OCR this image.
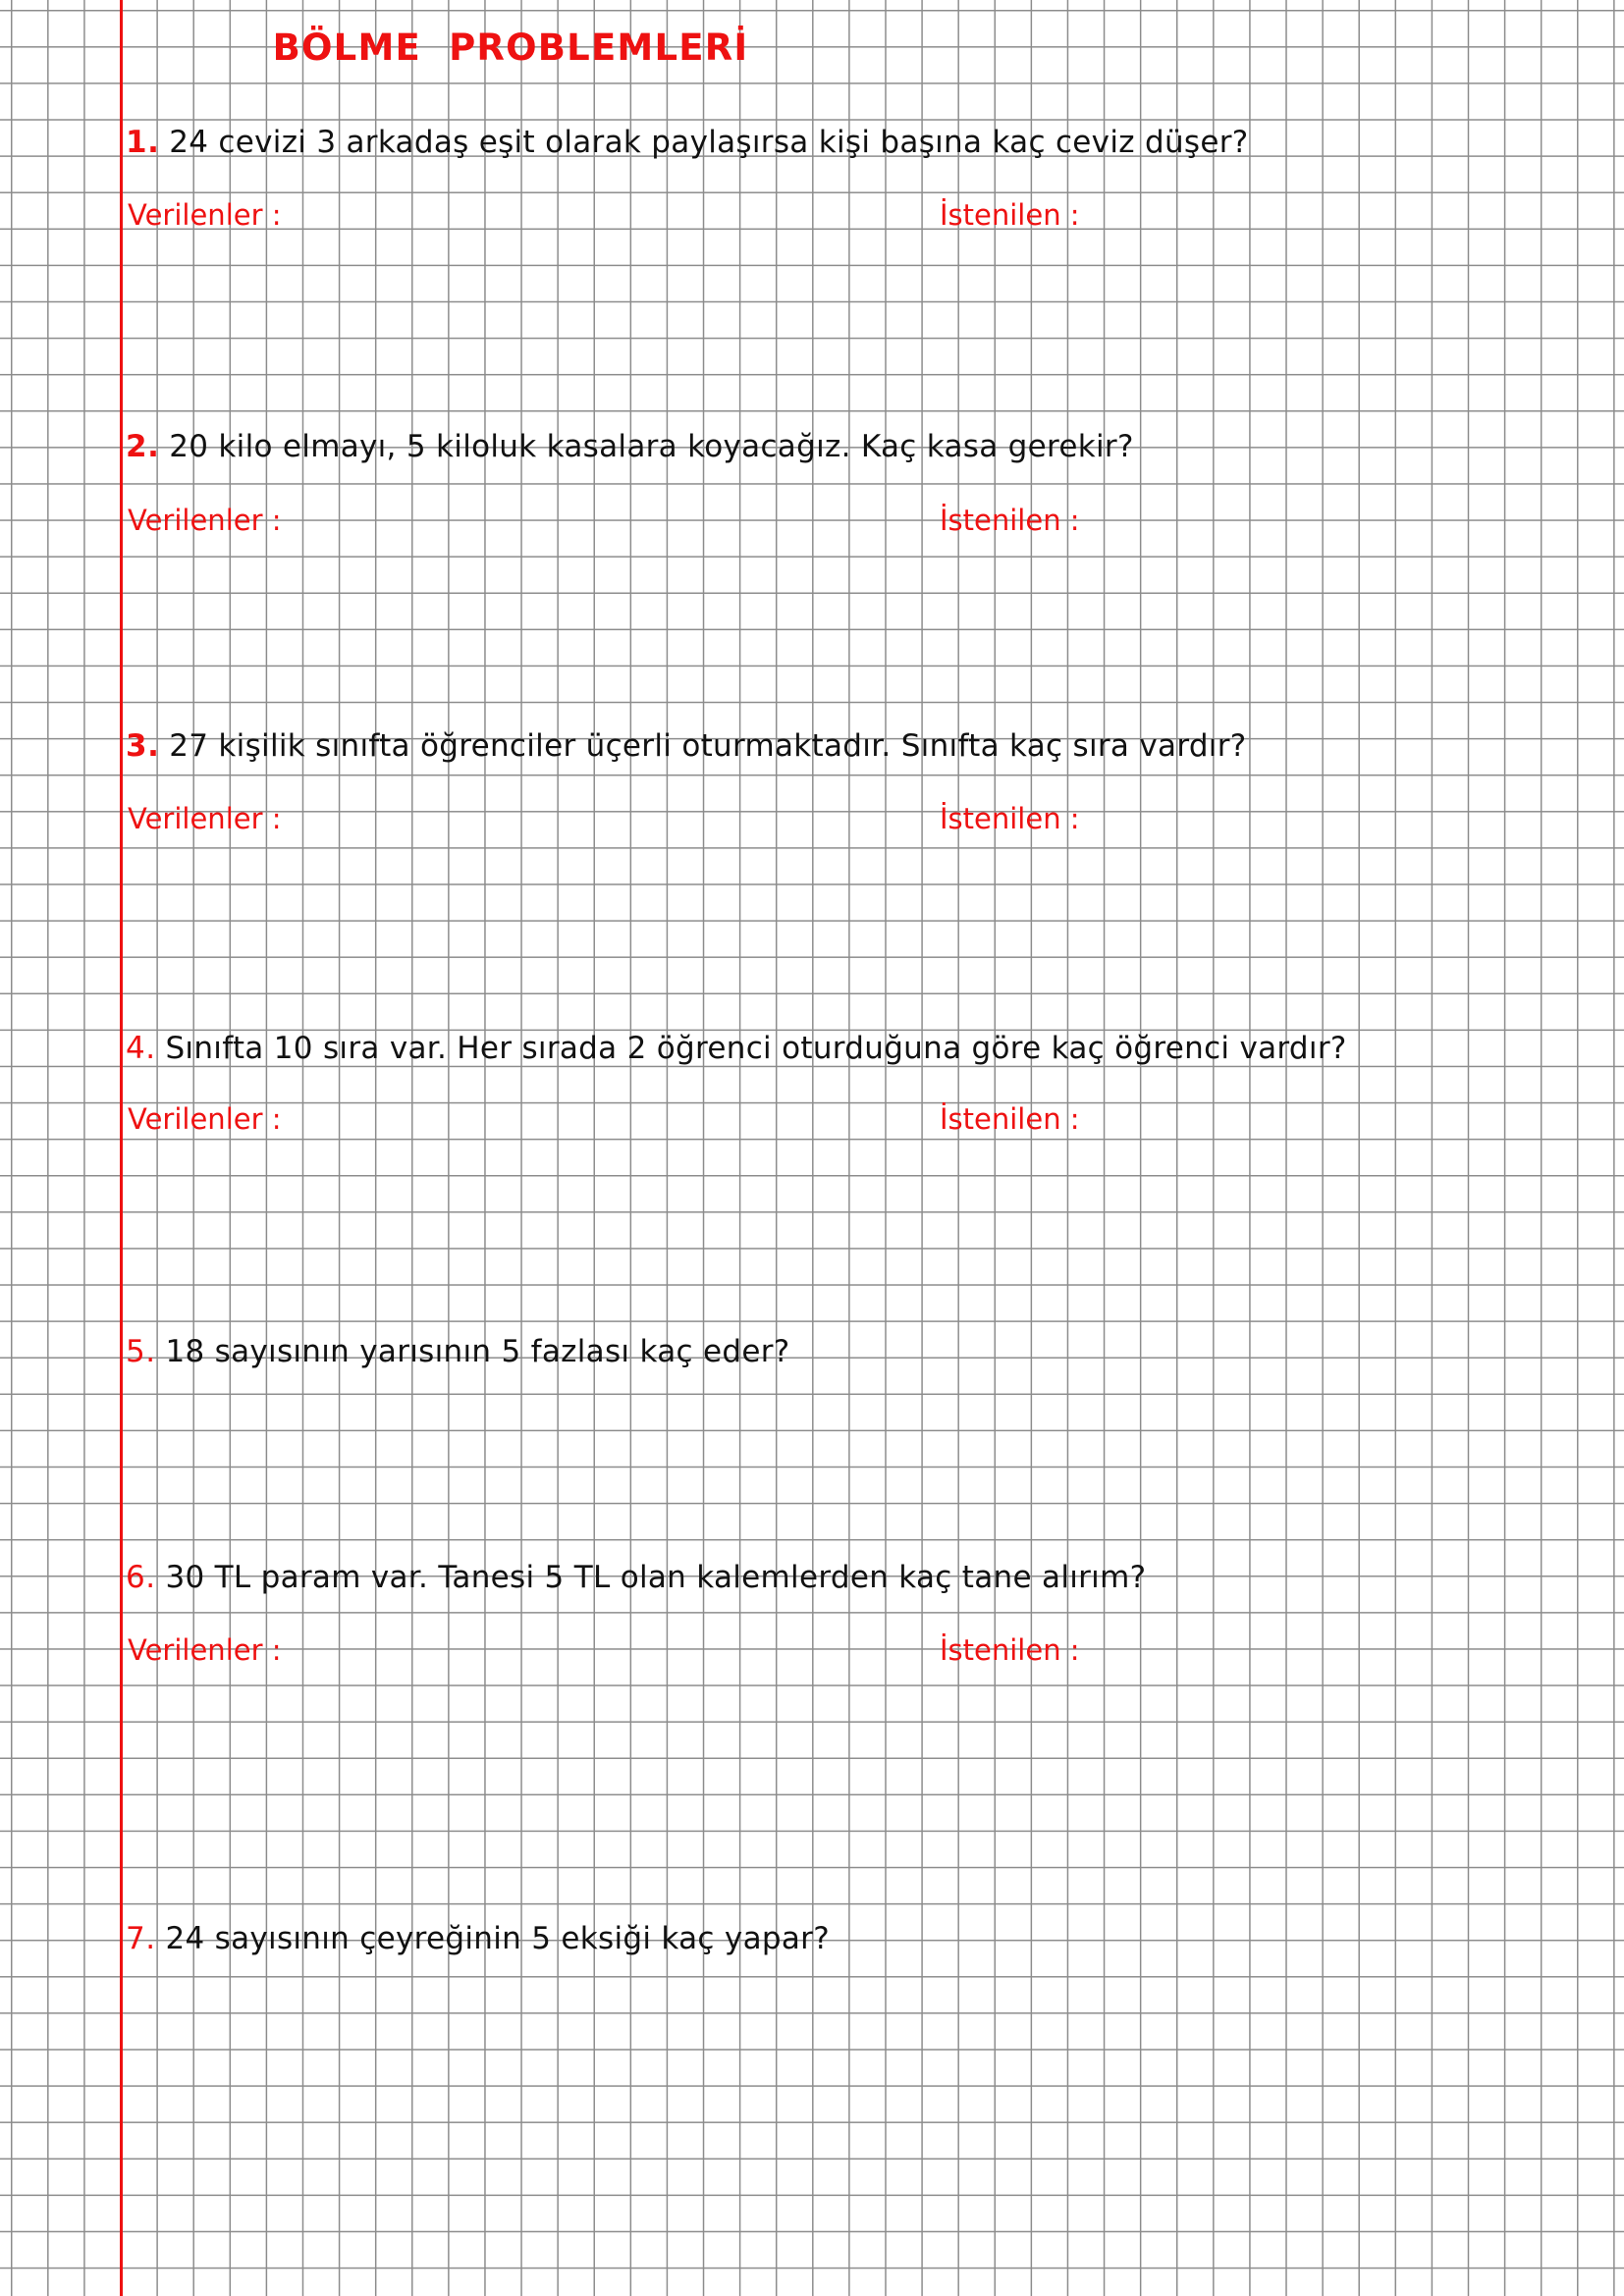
BÖLME  PROBLEMLERİ
1. 24 cevizi 3 arkadaş eşit olarak paylaşırsa kişi başına kaç ceviz düşer?
Verilenler :	İstenilen :
2. 20 kilo elmayı, 5 kiloluk kasalara koyacağız. Kaç kasa gerekir?
Verilenler :	İstenilen :
3. 27 kişilik sınıfta öğrenciler üçerli oturmaktadır. Sınıfta kaç sıra vardır?
Verilenler :	İstenilen :
4. Sınıfta 10 sıra var. Her sırada 2 öğrenci oturduğuna göre kaç öğrenci vardır?
Verilenler :	İstenilen :
5. 18 sayısının yarısının 5 fazlası kaç eder?
6. 30 TL param var. Tanesi 5 TL olan kalemlerden kaç tane alırım?
Verilenler :	İstenilen :
7. 24 sayısının çeyreğinin 5 eksiği kaç yapar?
